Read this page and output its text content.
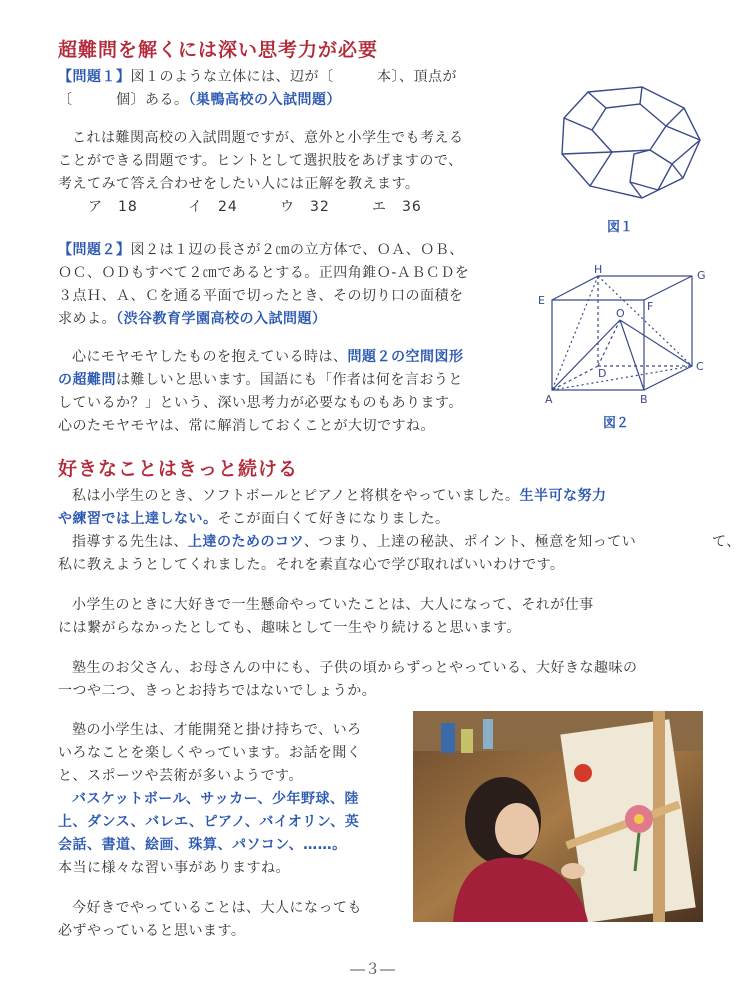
超難問を解くには深い思考力が必要

【問題１】図１のような立体には、辺が〔　　　本〕、頂点が

〔　　　個〕ある。（巣鴨高校の入試問題）

これは難関高校の入試問題ですが、意外と小学生でも考える

ことができる問題です。ヒントとして選択肢をあげますので、

考えてみて答え合わせをしたい人には正解を教えます。

ア　18	イ　24	ウ　32	エ　36

【問題２】図２は１辺の長さが２㎝の立方体で、ＯＡ、ＯＢ、

ＯＣ、ＯＤもすべて２㎝であるとする。正四角錐Ｏ-ＡＢＣＤを

３点Ｈ、Ａ、Ｃを通る平面で切ったとき、その切り口の面積を

求めよ。（渋谷教育学園高校の入試問題）

心にモヤモヤしたものを抱えている時は、問題２の空間図形

の超難問は難しいと思います。国語にも「作者は何を言おうと

しているか？」という、深い思考力が必要なものもあります。

心のたモヤモヤは、常に解消しておくことが大切ですね。

図１
H	G
E	F
O
D
C
A	B
図２
好きなことはきっと続ける

私は小学生のとき、ソフトボールとピアノと将棋をやっていました。生半可な努力

や練習では上達しない。そこが面白くて好きになりました。

指導する先生は、上達のためのコツ、つまり、上達の秘訣、ポイント、極意を知ってい	て、

私に教えようとしてくれました。それを素直な心で学び取ればいいわけです。

小学生のときに大好きで一生懸命やっていたことは、大人になって、それが仕事

には繋がらなかったとしても、趣味として一生やり続けると思います。

塾生のお父さん、お母さんの中にも、子供の頃からずっとやっている、大好きな趣味の

一つや二つ、きっとお持ちではないでしょうか。

塾の小学生は、才能開発と掛け持ちで、いろ

いろなことを楽しくやっています。お話を聞く

と、スポーツや芸術が多いようです。

バスケットボール、サッカー、少年野球、陸

上、ダンス、バレエ、ピアノ、バイオリン、英

会話、書道、絵画、珠算、パソコン、……。

本当に様々な習い事がありますね。

今好きでやっていることは、大人になっても

必ずやっていると思います。

―３―
